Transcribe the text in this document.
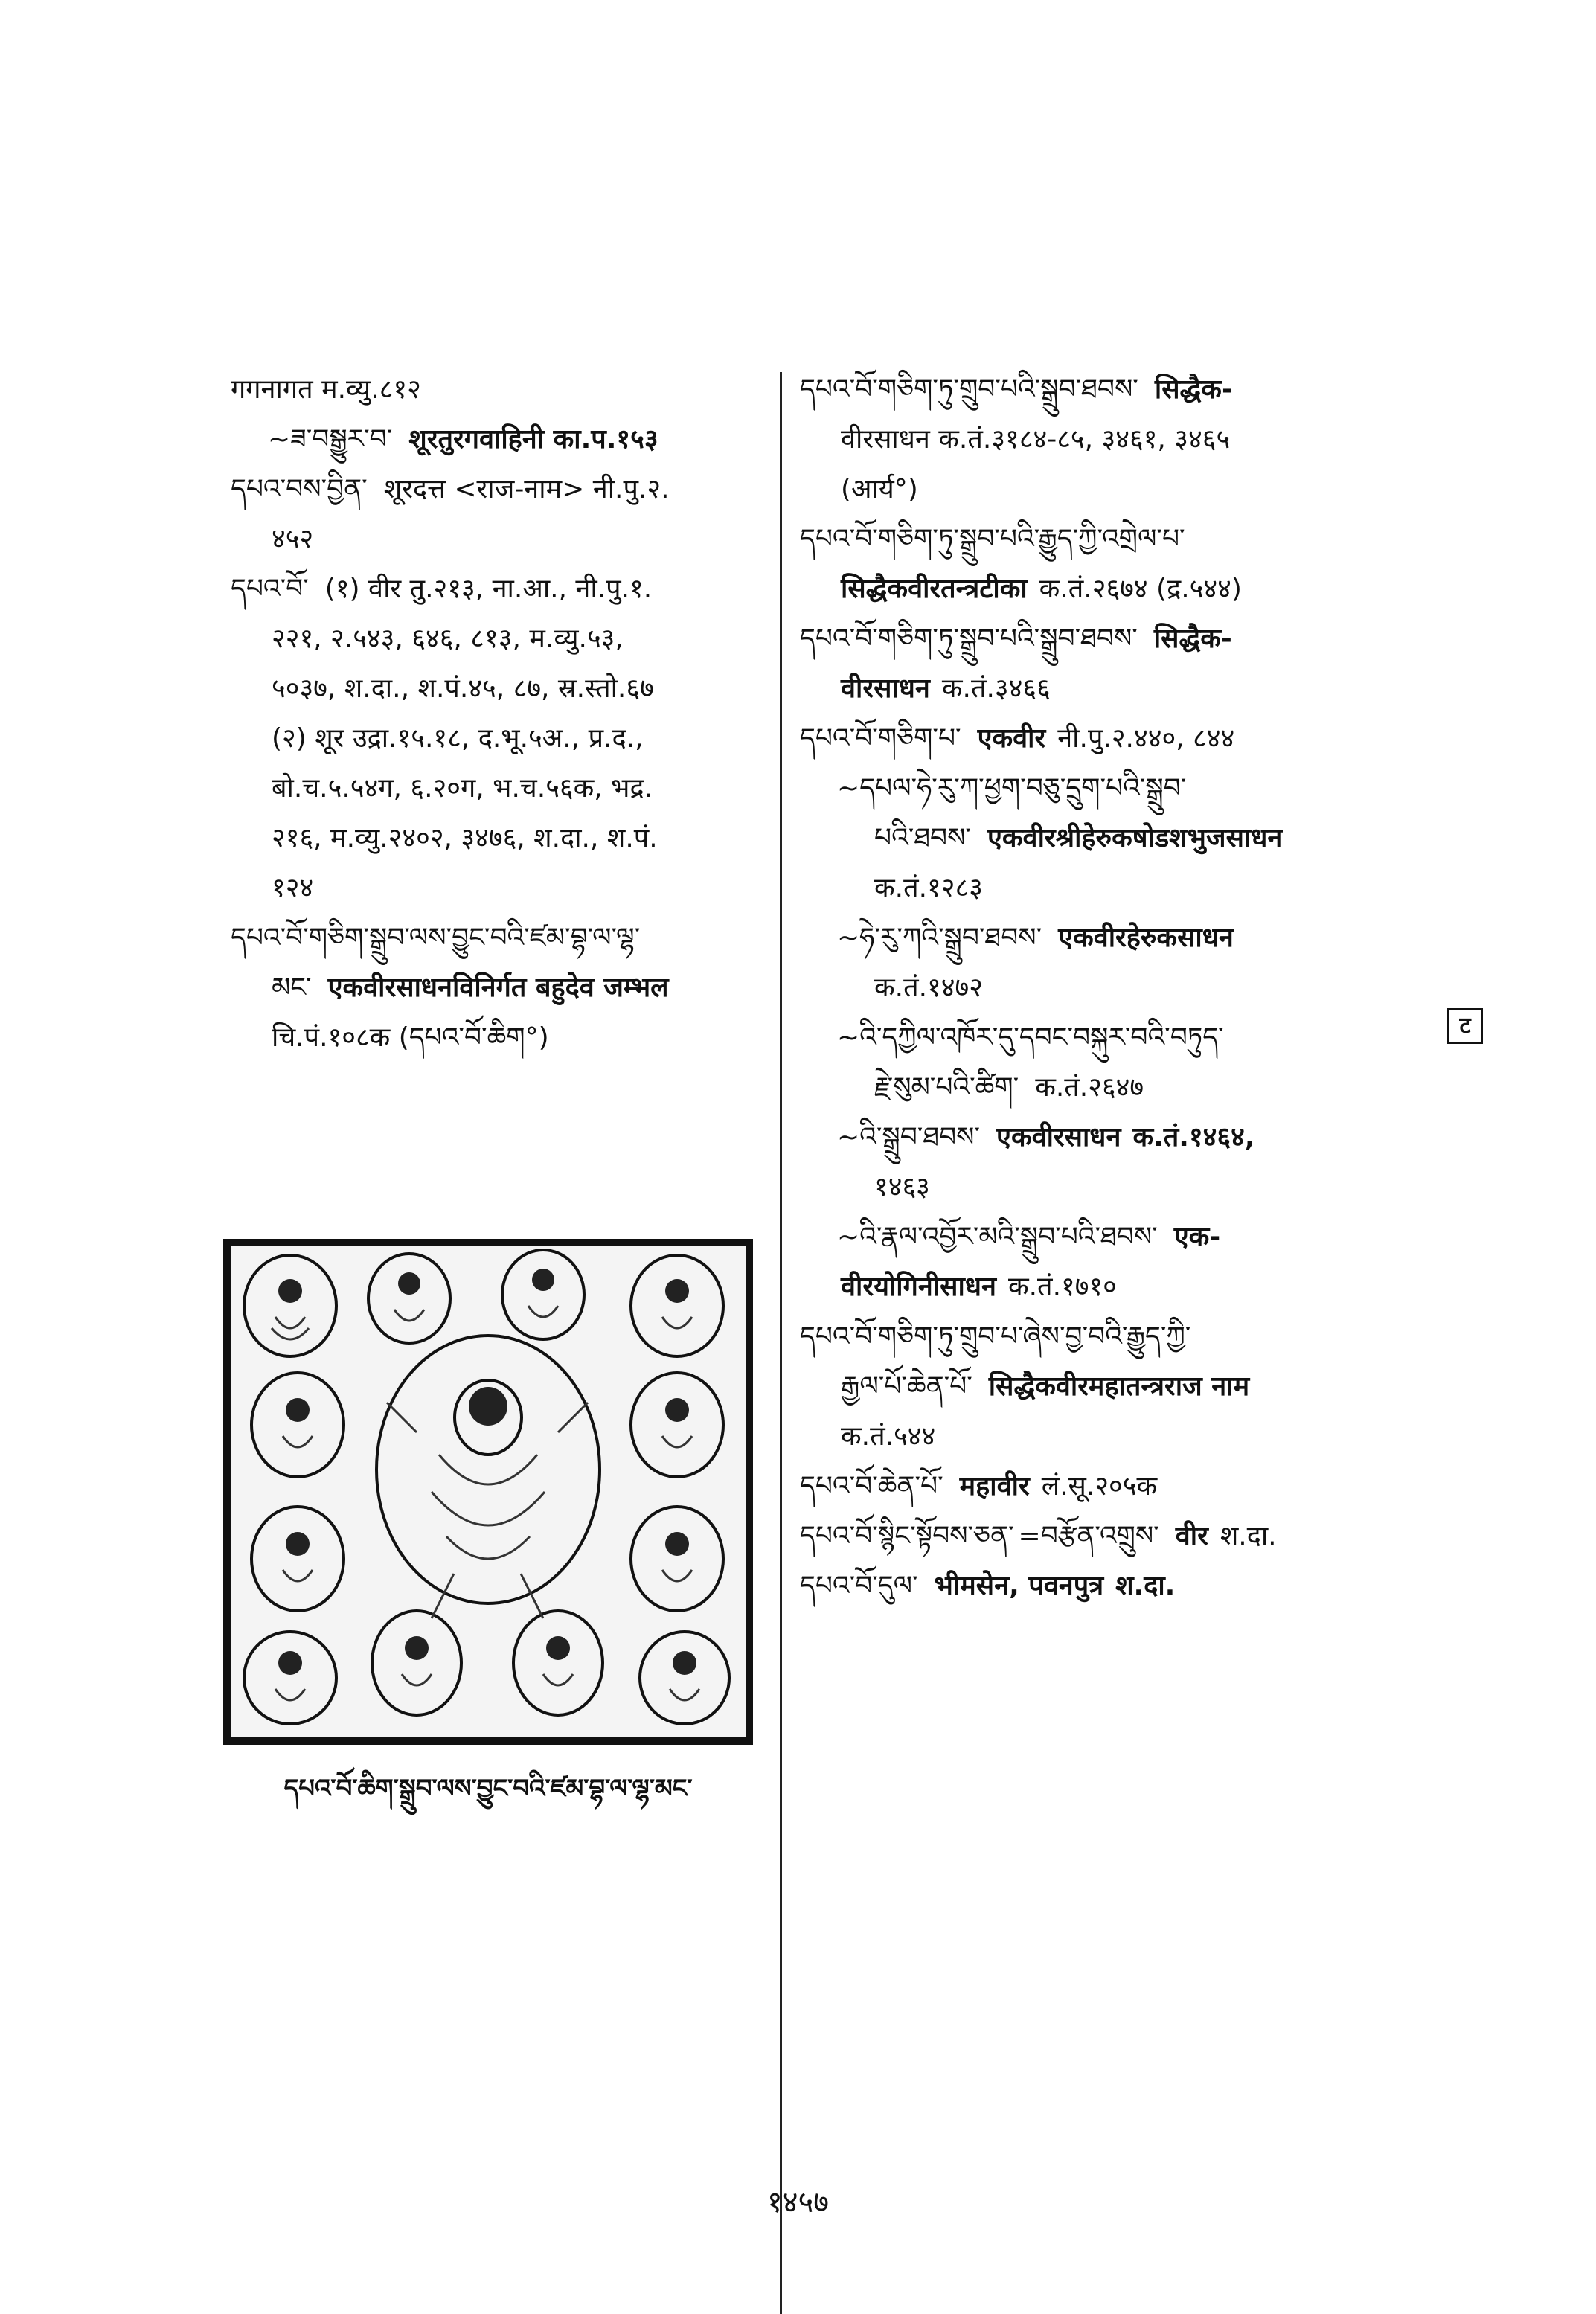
गगनागत म.व्यु.८१२

~ཟ་བསྒྱུར་བ་ शूरतुरगवाहिनी का.प.१५३

དཔའ་བས་བྱིན་ शूरदत्त <राज-नाम> नी.पु.२.

४५२

དཔའ་བོ་ (१) वीर तु.२१३, ना.आ., नी.पु.१.

२२१, २.५४३, ६४६, ८१३, म.व्यु.५३,

५०३७, श.दा., श.पं.४५, ८७, स्र.स्तो.६७

(२) शूर उद्रा.१५.१८, द.भू.५अ., प्र.द.,

बो.च.५.५४ग, ६.२०ग, भ.च.५६क, भद्र.

२१६, म.व्यु.२४०२, ३४७६, श.दा., श.पं.

१२४

དཔའ་བོ་གཅིག་སྒྲུབ་ལས་བྱུང་བའི་ཛམ་བྷ་ལ་ལྷ་

མང་ एकवीरसाधनविनिर्गत बहुदेव जम्भल

चि.पं.१०८क (དཔའ་བོ་ཆིག°)

དཔའ་བོ་ཆིག་སྒྲུབ་ལས་བྱུང་བའི་ཛམ་བྷ་ལ་ལྷ་མང་

དཔའ་བོ་གཅིག་ཏུ་གྲུབ་པའི་སྒྲུབ་ཐབས་ सिद्धैक-

वीरसाधन क.तं.३१८४-८५, ३४६१, ३४६५

(आर्य°)

དཔའ་བོ་གཅིག་ཏུ་སྒྲུབ་པའི་རྒྱུད་ཀྱི་འགྲེལ་པ་

सिद्धैकवीरतन्त्रटीका क.तं.२६७४ (द्र.५४४)

དཔའ་བོ་གཅིག་ཏུ་སྒྲུབ་པའི་སྒྲུབ་ཐབས་ सिद्धैक-

वीरसाधन क.तं.३४६६

དཔའ་བོ་གཅིག་པ་ एकवीर नी.पु.२.४४०, ८४४

~དཔལ་ཧེ་རུ་ཀ་ཕྱག་བཅུ་དྲུག་པའི་སྒྲུབ་

པའི་ཐབས་ एकवीरश्रीहेरुकषोडशभुजसाधन

क.तं.१२८३

~ཧེ་རུ་ཀའི་སྒྲུབ་ཐབས་ एकवीरहेरुकसाधन

क.तं.१४७२

~འི་དཀྱིལ་འཁོར་དུ་དབང་བསྐུར་བའི་བཏུད་

རྗེ་སུམ་པའི་ཚིག་ क.तं.२६४७

~འི་སྒྲུབ་ཐབས་ एकवीरसाधन क.तं.१४६४,

१४६३

~འི་རྣལ་འབྱོར་མའི་སྒྲུབ་པའི་ཐབས་ एक-

वीरयोगिनीसाधन क.तं.१७१०

དཔའ་བོ་གཅིག་ཏུ་གྲུབ་པ་ཞེས་བྱ་བའི་རྒྱུད་ཀྱི་

རྒྱལ་པོ་ཆེན་པོ་ सिद्धैकवीरमहातन्त्रराज नाम

क.तं.५४४

དཔའ་བོ་ཆེན་པོ་ महावीर लं.सू.२०५क

དཔའ་བོ་སྙིང་སྟོབས་ཅན་ =བརྩོན་འགྲུས་ वीर श.दा.

དཔའ་བོ་དུལ་ भीमसेन, पवनपुत्र श.दा.

ट
१४५७
